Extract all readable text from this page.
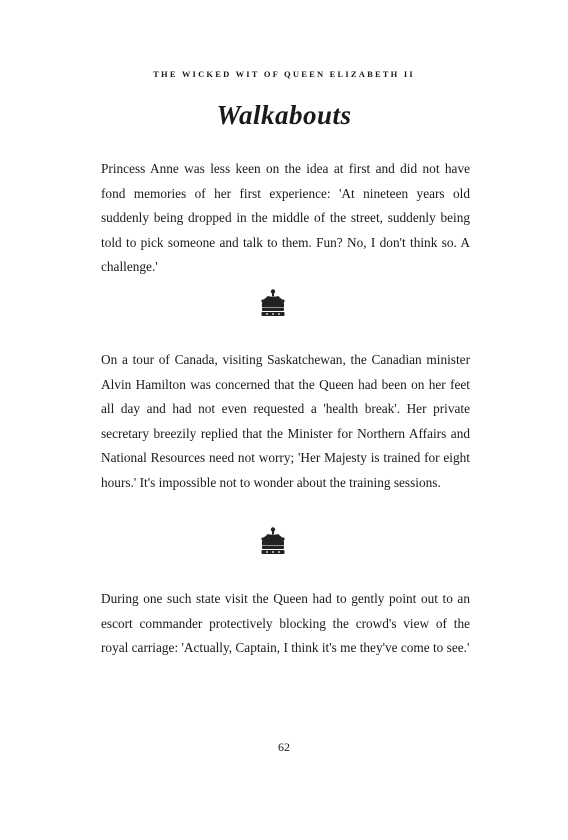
THE WICKED WIT OF QUEEN ELIZABETH II
Walkabouts

Princess Anne was less keen on the idea at first and did not have fond memories of her first experience: 'At nineteen years old suddenly being dropped in the middle of the street, suddenly being told to pick someone and talk to them. Fun? No, I don't think so. A challenge.'

On a tour of Canada, visiting Saskatchewan, the Canadian minister Alvin Hamilton was concerned that the Queen had been on her feet all day and had not even requested a 'health break'. Her private secretary breezily replied that the Minister for Northern Affairs and National Resources need not worry; 'Her Majesty is trained for eight hours.' It's impossible not to wonder about the training sessions.

During one such state visit the Queen had to gently point out to an escort commander protectively blocking the crowd's view of the royal carriage: 'Actually, Captain, I think it's me they've come to see.'

62
